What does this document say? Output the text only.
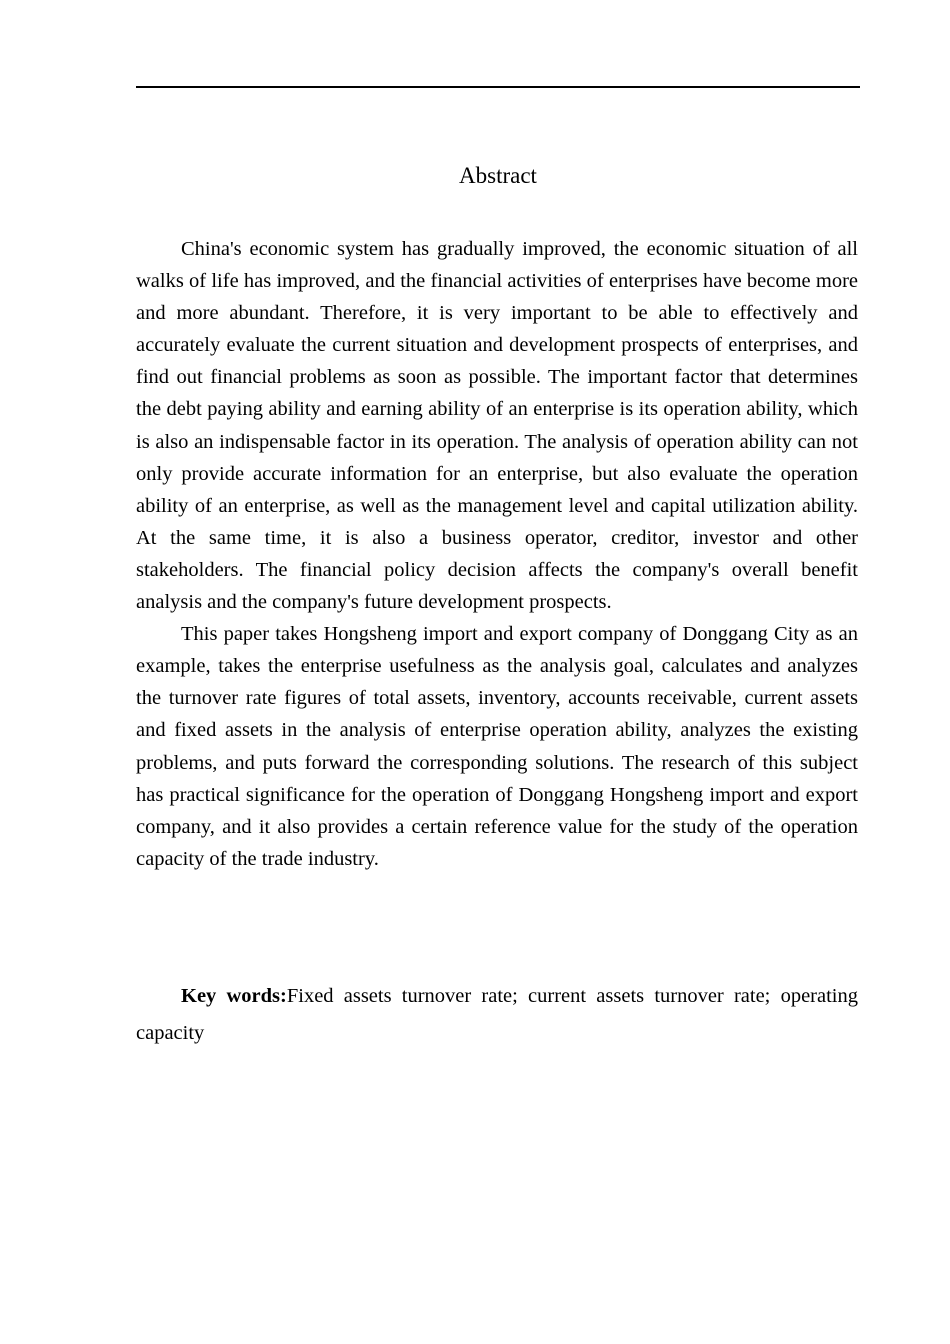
Abstract

China's economic system has gradually improved, the economic situation of all walks of life has improved, and the financial activities of enterprises have become more and more abundant. Therefore, it is very important to be able to effectively and accurately evaluate the current situation and development prospects of enterprises, and find out financial problems as soon as possible. The important factor that determines the debt paying ability and earning ability of an enterprise is its operation ability, which is also an indispensable factor in its operation. The analysis of operation ability can not only provide accurate information for an enterprise, but also evaluate the operation ability of an enterprise, as well as the management level and capital utilization ability. At the same time, it is also a business operator, creditor, investor and other stakeholders. The financial policy decision affects the company's overall benefit analysis and the company's future development prospects.

This paper takes Hongsheng import and export company of Donggang City as an example, takes the enterprise usefulness as the analysis goal, calculates and analyzes the turnover rate figures of total assets, inventory, accounts receivable, current assets and fixed assets in the analysis of enterprise operation ability, analyzes the existing problems, and puts forward the corresponding solutions. The research of this subject has practical significance for the operation of Donggang Hongsheng import and export company, and it also provides a certain reference value for the study of the operation capacity of the trade industry.

Key words:Fixed assets turnover rate; current assets turnover rate; operating capacity
